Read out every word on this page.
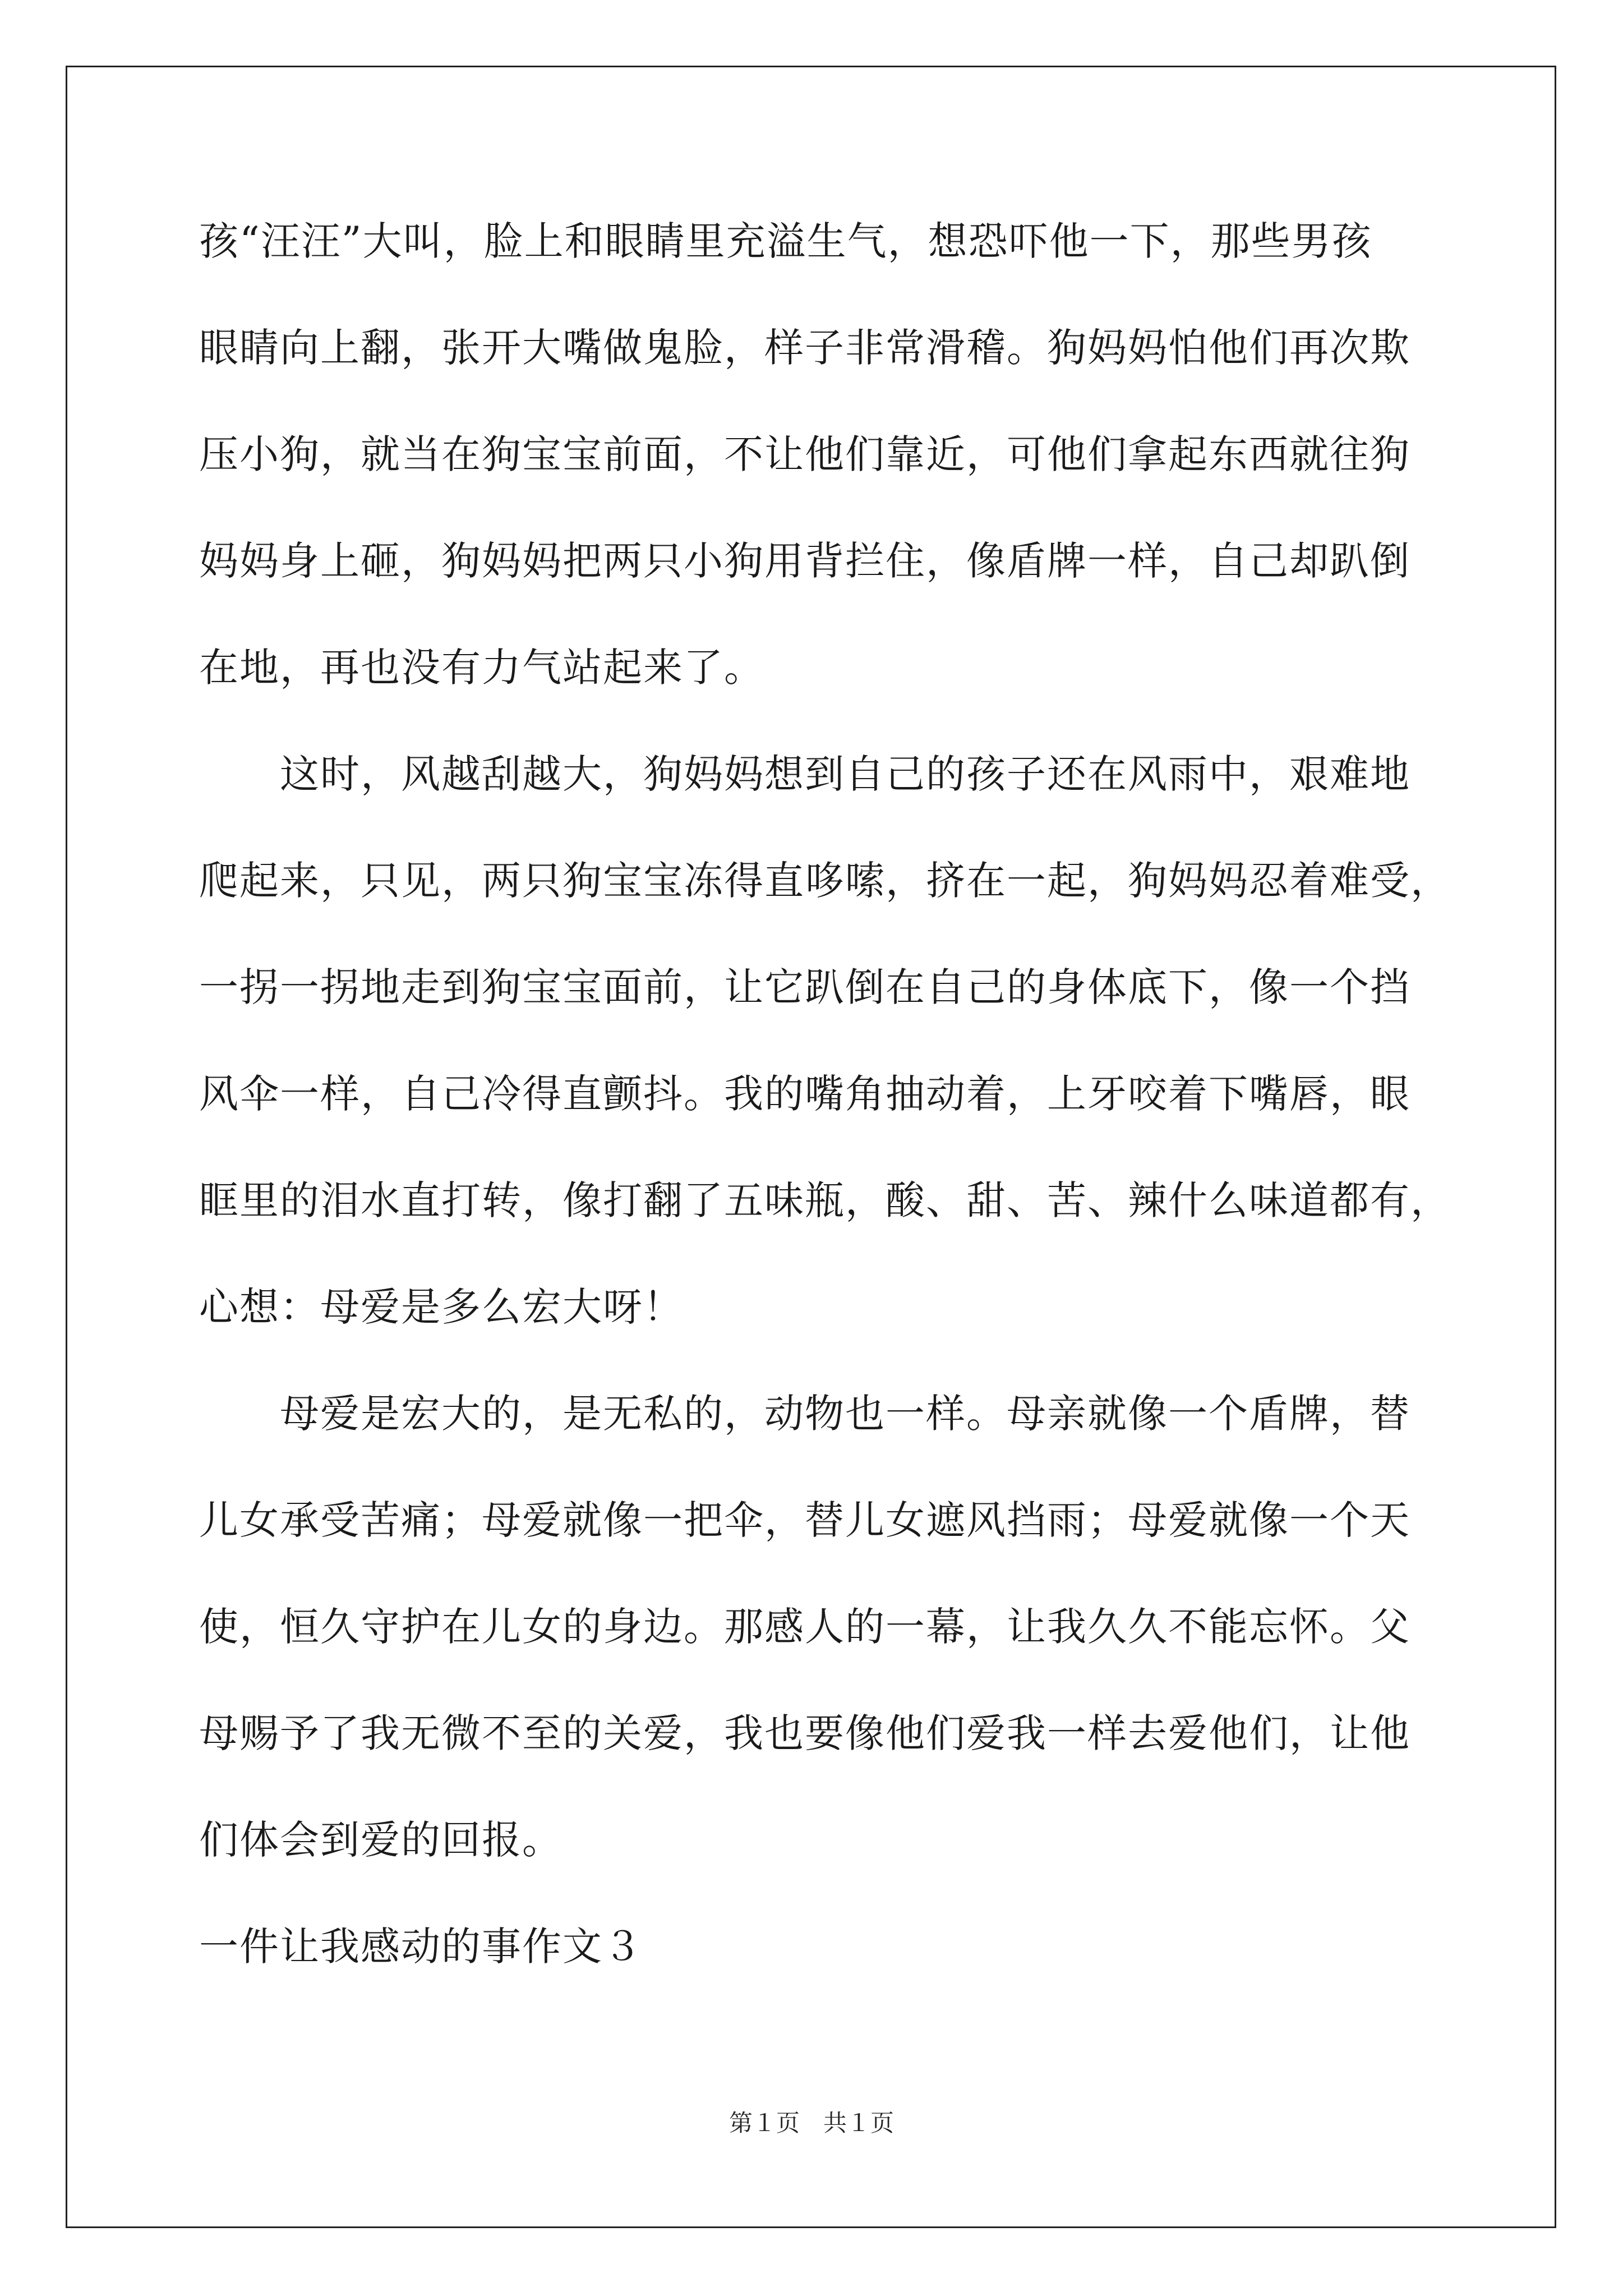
孩“汪汪”大叫，脸上和眼睛里充溢生气，想恐吓他一下，那些男孩
眼睛向上翻，张开大嘴做鬼脸，样子非常滑稽。狗妈妈怕他们再次欺
压小狗，就当在狗宝宝前面，不让他们靠近，可他们拿起东西就往狗
妈妈身上砸，狗妈妈把两只小狗用背拦住，像盾牌一样，自己却趴倒
在地，再也没有力气站起来了。
　　这时，风越刮越大，狗妈妈想到自己的孩子还在风雨中，艰难地
爬起来，只见，两只狗宝宝冻得直哆嗦，挤在一起，狗妈妈忍着难受，
一拐一拐地走到狗宝宝面前，让它趴倒在自己的身体底下，像一个挡
风伞一样，自己冷得直颤抖。我的嘴角抽动着，上牙咬着下嘴唇，眼
眶里的泪水直打转，像打翻了五味瓶，酸、甜、苦、辣什么味道都有，
心想：母爱是多么宏大呀！
　　母爱是宏大的，是无私的，动物也一样。母亲就像一个盾牌，替
儿女承受苦痛；母爱就像一把伞，替儿女遮风挡雨；母爱就像一个天
使，恒久守护在儿女的身边。那感人的一幕，让我久久不能忘怀。父
母赐予了我无微不至的关爱，我也要像他们爱我一样去爱他们，让他
们体会到爱的回报。
一件让我感动的事作文３
第１页　共１页
